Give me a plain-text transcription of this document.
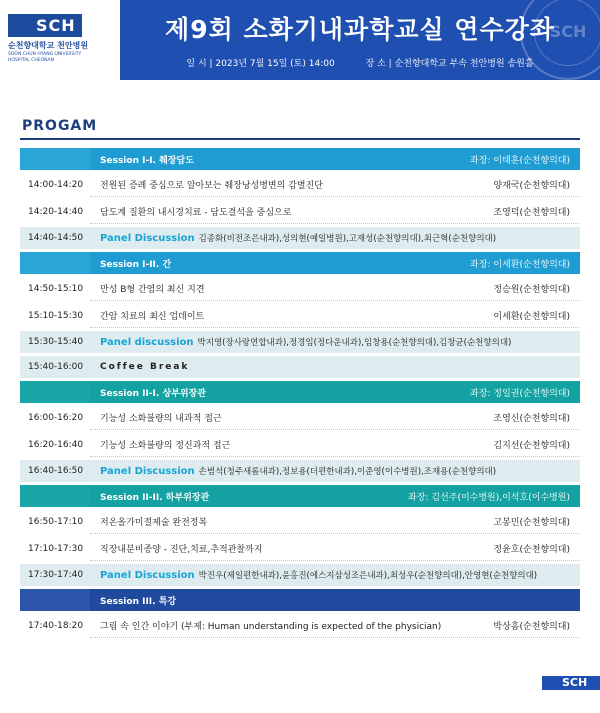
SCH
순천향대학교 천안병원
SOON CHUN HYANG UNIVERSITY
HOSPITAL CHEONAN
SCH
제9회 소화기내과학교실 연수강좌
일 시 | 2023년 7월 15일 (토) 14:00	장 소 | 순천향대학교 부속 천안병원 송원홀
PROGAM
Session I-I. 췌장담도	좌장: 이태훈(순천향의대)
14:00-14:20	전원된 증례 중심으로 알아보는 췌장낭성병변의 감별진단	양재국(순천향의대)
14:20-14:40	담도계 질환의 내시경치료 - 담도결석을 중심으로	조영덕(순천향의대)
14:40-14:50	Panel Discussion 김종화(비전조은내과),성의현(예일병원),고재성(순천향의대),최근혁(순천향의대)
Session I-II. 간	좌장: 이세환(순천향의대)
14:50-15:10	만성 B형 간염의 최신 지견	정승원(순천향의대)
15:10-15:30	간암 치료의 최신 업데이트	이세환(순천향의대)
15:30-15:40	Panel discussion 박지영(장사랑연합내과),정경임(정다운내과),임창용(순천향의대),김창균(순천향의대)
15:40-16:00	Coffee Break
Session II-I. 상부위장관	좌장: 정일권(순천향의대)
16:00-16:20	기능성 소화불량의 내과적 접근	조영신(순천향의대)
16:20-16:40	기능성 소화불량의 정신과적 접근	김지선(순천향의대)
16:40-16:50	Panel Discussion 손범석(청주새롬내과),정보용(더편한내과),이준영(이수병원),조재용(순천향의대)
Session II-II. 하부위장관	좌장: 김선주(이수병원),이석호(이수병원)
16:50-17:10	저온올가미절제술 완전정복	고봉민(순천향의대)
17:10-17:30	직장내분비종양 - 진단,치료,추적관찰까지	정윤호(순천향의대)
17:30-17:40	Panel Discussion 박진우(제일편한내과),윤홍진(에스지삼성조은내과),최성우(순천향의대),안영현(순천향의대)
Session III. 특강
17:40-18:20	그림 속 인간 이야기 (부제: Human understanding is expected of the physician)	박상흠(순천향의대)
SCH
